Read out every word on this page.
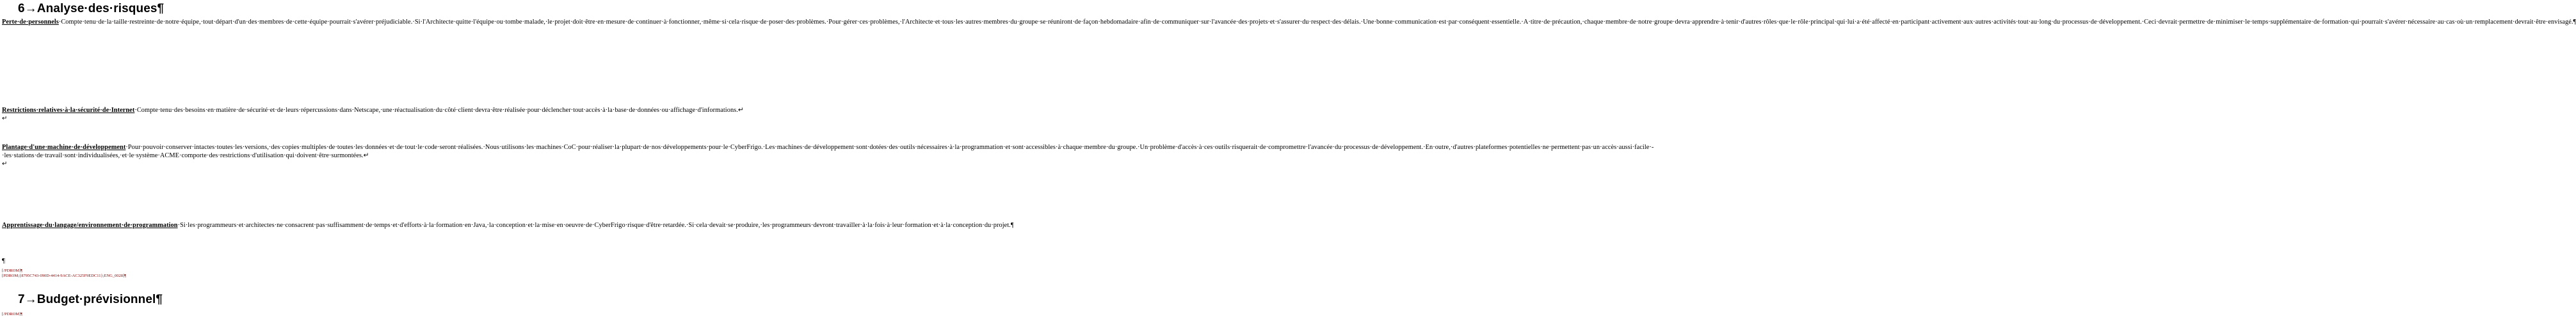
6→Analyse·des·risques¶

Perte·de·personnels·Compte·tenu·de·la·taille·restreinte·de·notre·équipe,·tout·départ·d'un·des·membres·de·cette·équipe·pourrait·s'avérer·préjudiciable.·Si·l'Architecte·quitte·l'équipe·ou·tombe·malade,·le·projet·doit·être·en·mesure·de·continuer·à·fonctionner,·même·si·cela·risque·de·poser·des·problèmes.·Pour·gérer·ces·problèmes,·l'Architecte·et·tous·les·autres·membres·du·groupe·se·réuniront·de·façon·hebdomadaire·afin·de·communiquer·sur·l'avancée·des·projets·et·s'assurer·du·respect·des·délais.·Une·bonne·communication·est·par·conséquent·essentielle.·A·titre·de·précaution,·chaque·membre·de·notre·groupe·devra·apprendre·à·tenir·d'autres·rôles·que·le·rôle·principal·qui·lui·a·été·affecté·en·participant·activement·aux·autres·activités·tout·au·long·du·processus·de·développement.·Ceci·devrait·permettre·de·minimiser·le·temps·supplémentaire·de·formation·qui·pourrait·s'avérer·nécessaire·au·cas·où·un·remplacement·devrait·être·envisagé.¶

Restrictions·relatives·à·la·sécurité·de·Internet·Compte·tenu·des·besoins·en·matière·de·sécurité·et·de·leurs·répercussions·dans·Netscape,·une·réactualisation·du·côté·client·devra·être·réalisée·pour·déclencher·tout·accès·à·la·base·de·données·ou·affichage·d'informations.↵
↵

Plantage·d'une·machine·de·développement·Pour·pouvoir·conserver·intactes·toutes·les·versions,·des·copies·multiples·de·toutes·les·données·et·de·tout·le·code·seront·réalisées.·Nous·utilisons·les·machines·CoC·pour·réaliser·la·plupart·de·nos·développements·pour·le·CyberFrigo.·Les·machines·de·développement·sont·dotées·des·outils·nécessaires·à·la·programmation·et·sont·accessibles·à·chaque·membre·du·groupe.·Un·problème·d'accès·à·ces·outils·risquerait·de·compromettre·l'avancée·du·processus·de·développement.·En·outre,·d'autres·plateformes·potentielles·ne·permettent·pas·un·accès·aussi·facile·-·les·stations·de·travail·sont·individualisées,·et·le·système·ACME·comporte·des·restrictions·d'utilisation·qui·doivent·être·surmontées.↵
↵

Apprentissage·du·langage/environnement·de·programmation·Si·les·programmeurs·et·architectes·ne·consacrent·pas·suffisamment·de·temps·et·d'efforts·à·la·formation·en·Java,·la·conception·et·la·mise·en·oeuvre·de·CyberFrigo·risque·d'être·retardée.·Si·cela·devait·se·produire,·les·programmeurs·devront·travailler·à·la·fois·à·leur·formation·et·à·la·conception·du·projet.¶

¶
[/PDROM]¶
[PDROM;{8795C743-090D-4414-9ACE-AC325F9EDC11};ENG_0028]¶
7→Budget·prévisionnel¶
[/PDROM]¶
